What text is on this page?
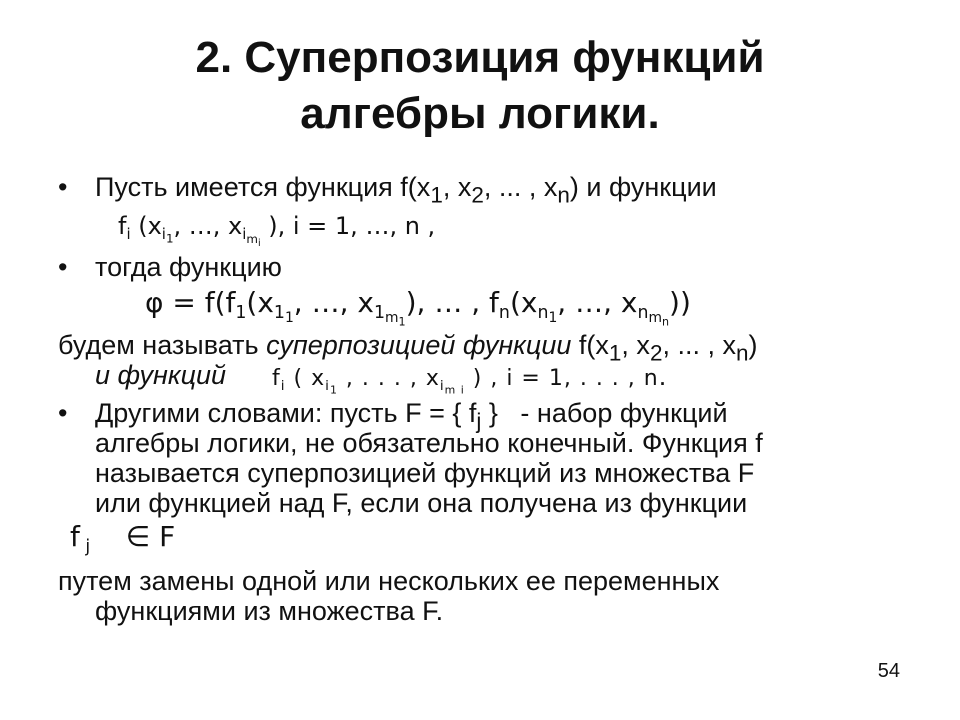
2. Суперпозиция функций
алгебры логики.
• Пусть имеется функция $f(x_1$, $x_2$, ... , $x_n$) и функции
$f_i$ ($x_{i_1}$, …, $x_{i_{m_i}}$ ), i = 1, …, n ,
• тогда функцию
$\varphi = f(f_1(x_{1_1}$, …, $x_{1_{m_1}}$), … , $f_n(x_{n_1}$, …, $x_{n_{m_n}}$))
будем называть суперпозицией функции $f(x_1$, $x_2$, ... , $x_n$)
и функций $f_i$ ( $x_{i_1}$ , . . . , $x_{i_{m i}}$ ) , i = 1, . . . , n.
• Другими словами: пусть F = { $f_j$ }   - набор функций
алгебры логики, не обязательно конечный. Функция f
называется суперпозицией функций из множества F
или функцией над F, если она получена из функции
f $_j$    ∈ F
путем замены одной или нескольких ее переменных
функциями из множества F.
54
